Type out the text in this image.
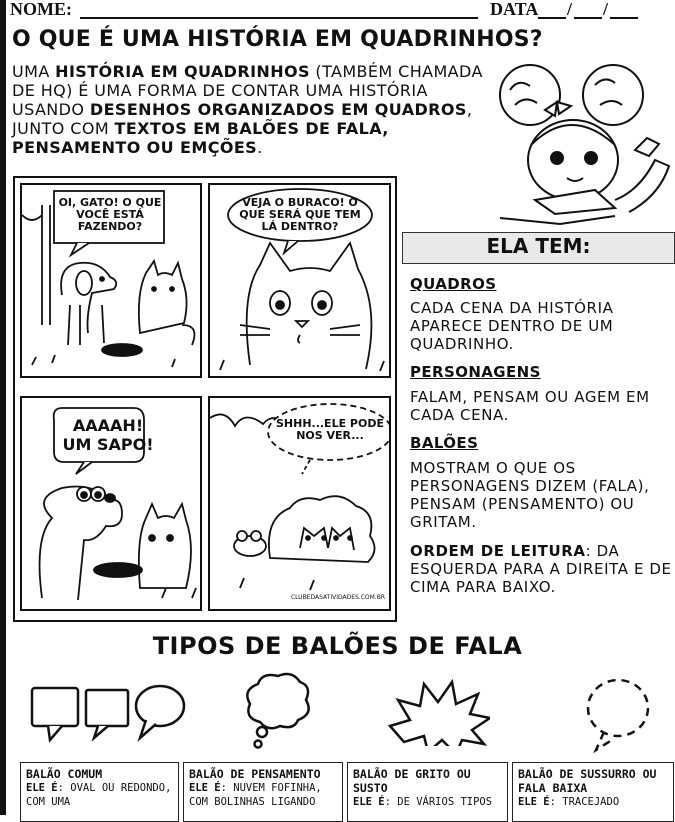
NOME:	DATA / /
O QUE É UMA HISTÓRIA EM QUADRINHOS?
UMA HISTÓRIA EM QUADRINHOS (TAMBÉM CHAMADA DE HQ) É UMA FORMA DE CONTAR UMA HISTÓRIA USANDO DESENHOS ORGANIZADOS EM QUADROS, JUNTO COM TEXTOS EM BALÕES DE FALA, PENSAMENTO OU EMÇÕES.
OI, GATO! O QUE VOCÊ ESTÁ FAZENDO?
VEJA O BURACO! O QUE SERÁ QUE TEM LÁ DENTRO?
AAAAH! UM SAPO!
SHHH...ELE PODE NOS VER...
CLUBEDASATIVIDADES.COM.BR
ELA TEM:
QUADROS
CADA CENA DA HISTÓRIA APARECE DENTRO DE UM QUADRINHO.
PERSONAGENS
FALAM, PENSAM OU AGEM EM CADA CENA.
BALÕES
MOSTRAM O QUE OS PERSONAGENS DIZEM (FALA), PENSAM (PENSAMENTO) OU GRITAM.
ORDEM DE LEITURA: DA ESQUERDA PARA A DIREITA E DE CIMA PARA BAIXO.
TIPOS DE BALÕES DE FALA
BALÃO COMUM
ELE É: OVAL OU REDONDO, COM UMA
BALÃO DE PENSAMENTO
ELE É: NUVEM FOFINHA, COM BOLINHAS LIGANDO
BALÃO DE GRITO OU SUSTO
ELE É: DE VÁRIOS TIPOS
BALÃO DE SUSSURRO OU FALA BAIXA
ELE É: TRACEJADO
